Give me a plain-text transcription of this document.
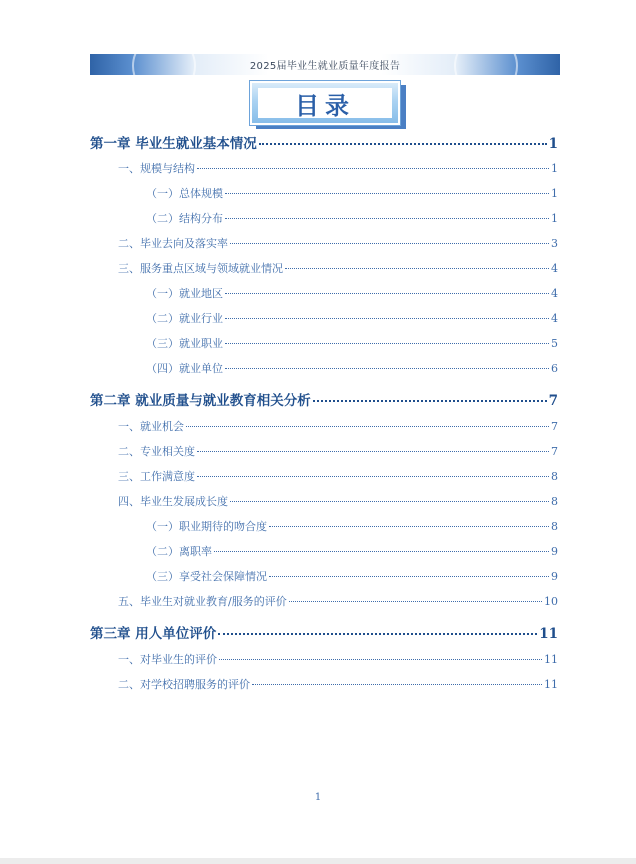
2025届毕业生就业质量年度报告
目录
第一章 毕业生就业基本情况	1
一、规模与结构	1
（一）总体规模	1
（二）结构分布	1
二、毕业去向及落实率	3
三、服务重点区域与领域就业情况	4
（一）就业地区	4
（二）就业行业	4
（三）就业职业	5
（四）就业单位	6
第二章 就业质量与就业教育相关分析	7
一、就业机会	7
二、专业相关度	7
三、工作满意度	8
四、毕业生发展成长度	8
（一）职业期待的吻合度	8
（二）离职率	9
（三）享受社会保障情况	9
五、毕业生对就业教育/服务的评价	10
第三章 用人单位评价	11
一、对毕业生的评价	11
二、对学校招聘服务的评价	11
1
